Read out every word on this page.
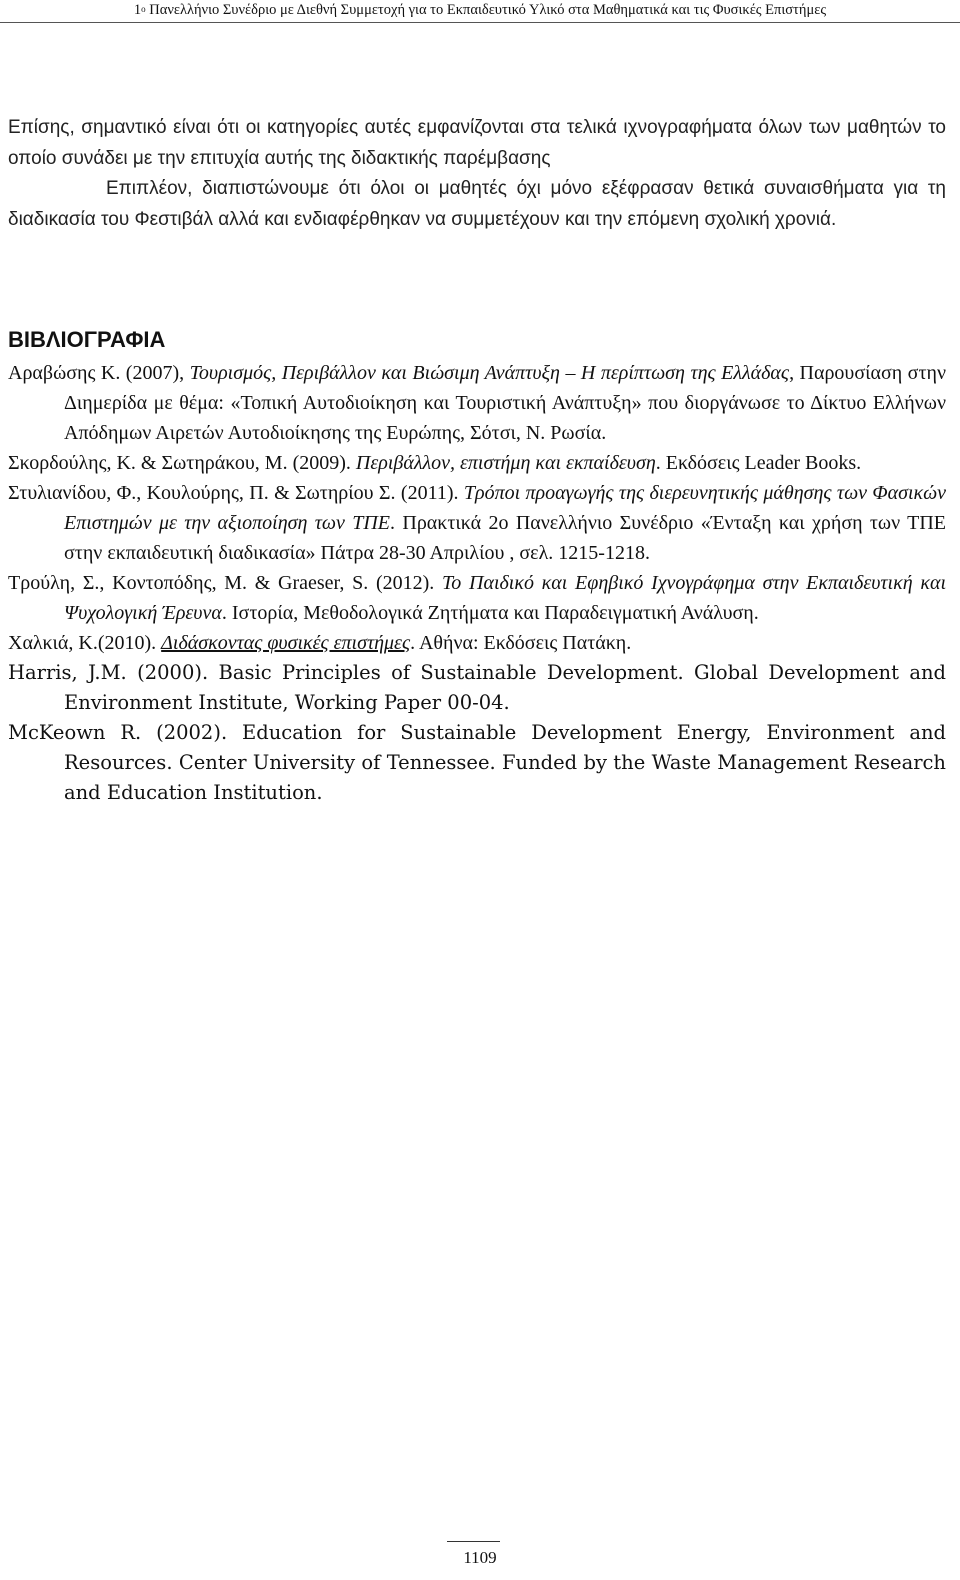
$1^o$ Πανελλήνιο Συνέδριο με Διεθνή Συμμετοχή για το Εκπαιδευτικό Υλικό στα Μαθηματικά και τις Φυσικές Επιστήμες

Επίσης, σημαντικό είναι ότι οι κατηγορίες αυτές εμφανίζονται στα τελικά ιχνογραφήματα όλων των μαθητών το οποίο συνάδει με την επιτυχία αυτής της διδακτικής παρέμβασης

Επιπλέον, διαπιστώνουμε ότι όλοι οι μαθητές όχι μόνο εξέφρασαν θετικά συναισθήματα για τη διαδικασία του Φεστιβάλ αλλά και ενδιαφέρθηκαν να συμμετέχουν και την επόμενη σχολική χρονιά.

ΒΙΒΛΙΟΓΡΑΦΙΑ
Αραβώσης Κ. (2007), Τουρισμός, Περιβάλλον και Βιώσιμη Ανάπτυξη – Η περίπτωση της Ελλάδας, Παρουσίαση στην Διημερίδα με θέμα: «Τοπική Αυτοδιοίκηση και Τουριστική Ανάπτυξη» που διοργάνωσε το Δίκτυο Ελλήνων Απόδημων Αιρετών Αυτοδιοίκησης της Ευρώπης, Σότσι, Ν. Ρωσία.
Σκορδούλης, Κ. & Σωτηράκου, Μ. (2009). Περιβάλλον, επιστήμη και εκπαίδευση. Εκδόσεις Leader Books.
Στυλιανίδου, Φ., Κουλούρης, Π. & Σωτηρίου Σ. (2011). Τρόποι προαγωγής της διερευνητικής μάθησης των Φασικών Επιστημών με την αξιοποίηση των ΤΠΕ. Πρακτικά 2ο Πανελλήνιο Συνέδριο «Ένταξη και χρήση των ΤΠΕ στην εκπαιδευτική διαδικασία» Πάτρα 28-30 Απριλίου , σελ. 1215-1218.
Τρούλη, Σ., Κοντοπόδης, Μ. & Graeser, S. (2012). Το Παιδικό και Εφηβικό Ιχνογράφημα στην Εκπαιδευτική και Ψυχολογική Έρευνα. Ιστορία, Μεθοδολογικά Ζητήματα και Παραδειγματική Ανάλυση.
Χαλκιά, Κ.(2010). Διδάσκοντας φυσικές επιστήμες. Αθήνα: Εκδόσεις Πατάκη.
Harris, J.M. (2000). Basic Principles of Sustainable Development. Global Development and Environment Institute, Working Paper 00-04.
McKeown R. (2002). Education for Sustainable Development Energy, Environment and Resources. Center University of Tennessee. Funded by the Waste Management Research and Education Institution.
1109
